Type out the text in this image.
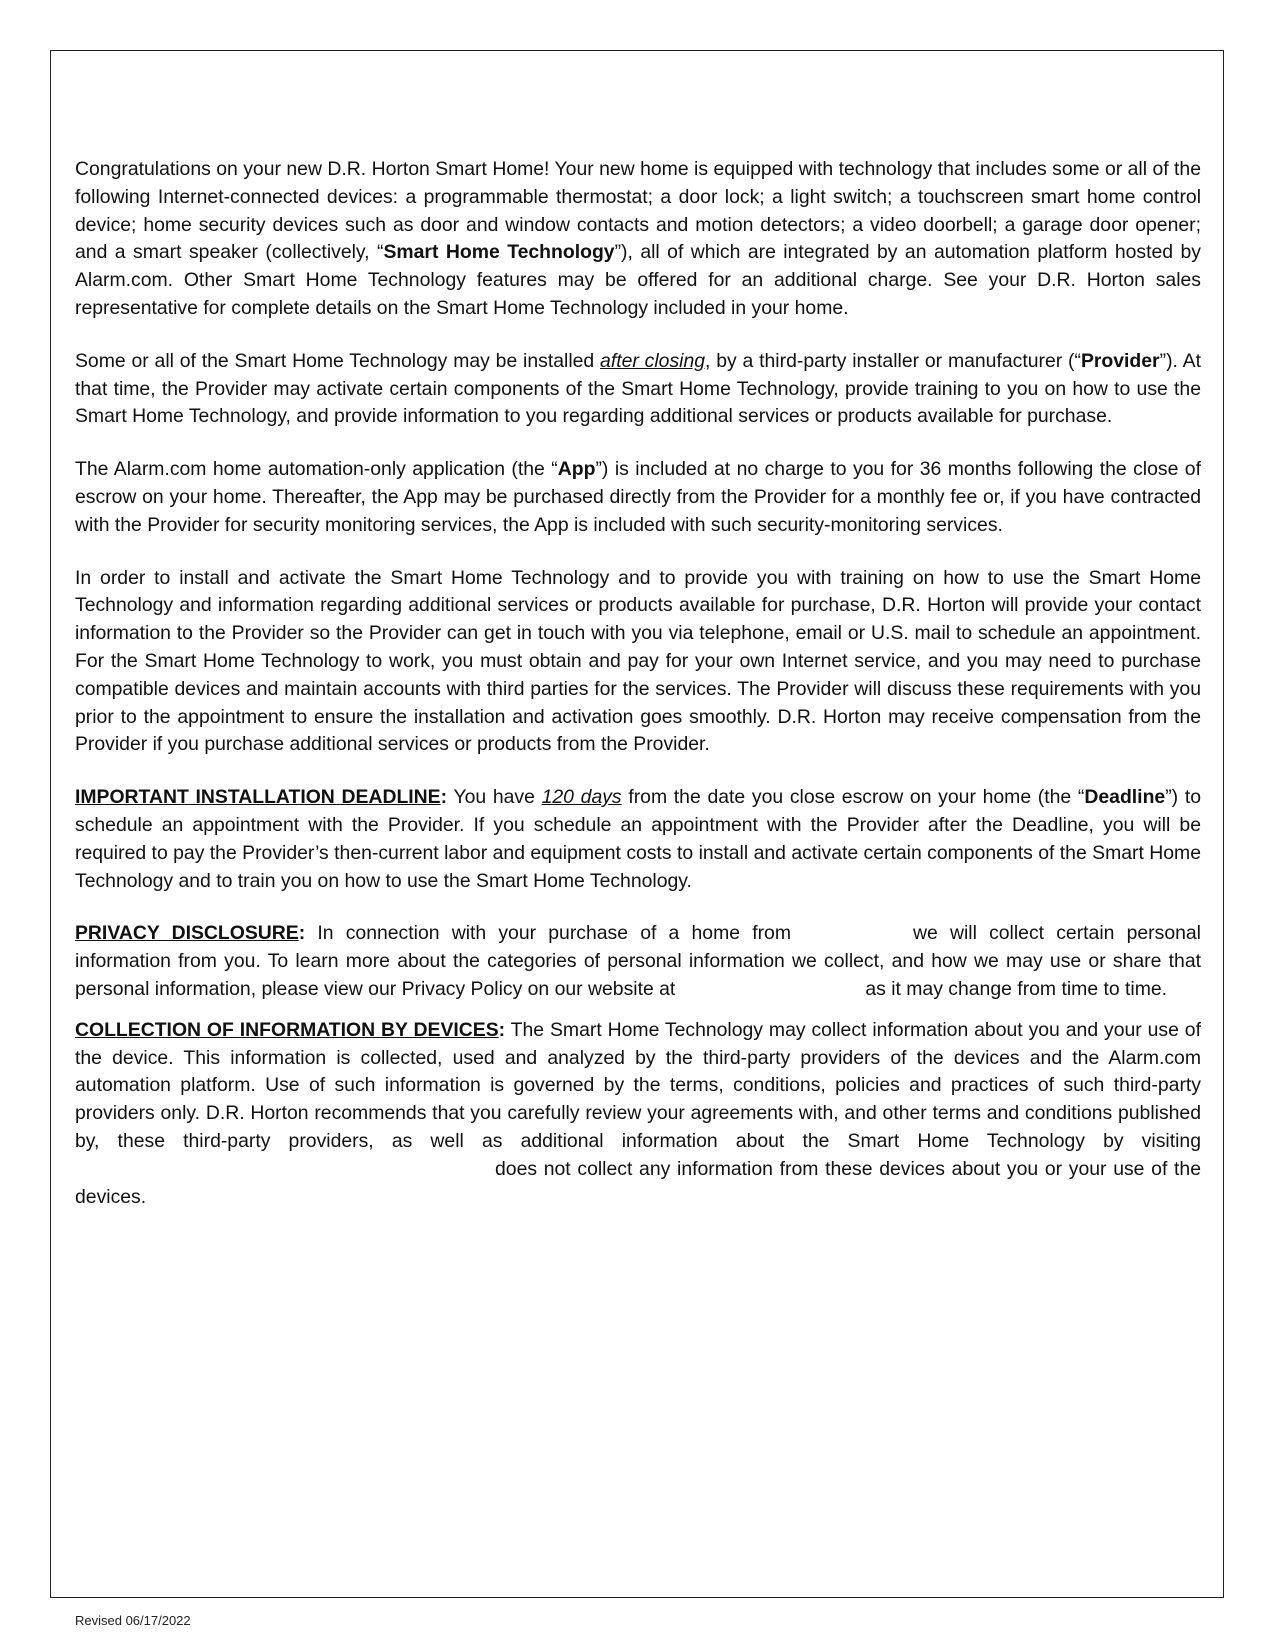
Congratulations on your new D.R. Horton Smart Home! Your new home is equipped with technology that includes some or all of the following Internet-connected devices: a programmable thermostat; a door lock; a light switch; a touchscreen smart home control device; home security devices such as door and window contacts and motion detectors; a video doorbell; a garage door opener; and a smart speaker (collectively, “Smart Home Technology”), all of which are integrated by an automation platform hosted by Alarm.com. Other Smart Home Technology features may be offered for an additional charge. See your D.R. Horton sales representative for complete details on the Smart Home Technology included in your home.

Some or all of the Smart Home Technology may be installed after closing, by a third-party installer or manufacturer (“Provider”). At that time, the Provider may activate certain components of the Smart Home Technology, provide training to you on how to use the Smart Home Technology, and provide information to you regarding additional services or products available for purchase.

The Alarm.com home automation-only application (the “App”) is included at no charge to you for 36 months following the close of escrow on your home. Thereafter, the App may be purchased directly from the Provider for a monthly fee or, if you have contracted with the Provider for security monitoring services, the App is included with such security-monitoring services.

In order to install and activate the Smart Home Technology and to provide you with training on how to use the Smart Home Technology and information regarding additional services or products available for purchase, D.R. Horton will provide your contact information to the Provider so the Provider can get in touch with you via telephone, email or U.S. mail to schedule an appointment. For the Smart Home Technology to work, you must obtain and pay for your own Internet service, and you may need to purchase compatible devices and maintain accounts with third parties for the services. The Provider will discuss these requirements with you prior to the appointment to ensure the installation and activation goes smoothly. D.R. Horton may receive compensation from the Provider if you purchase additional services or products from the Provider.

IMPORTANT INSTALLATION DEADLINE: You have 120 days from the date you close escrow on your home (the “Deadline”) to schedule an appointment with the Provider. If you schedule an appointment with the Provider after the Deadline, you will be required to pay the Provider’s then-current labor and equipment costs to install and activate certain components of the Smart Home Technology and to train you on how to use the Smart Home Technology.

PRIVACY DISCLOSURE: In connection with your purchase of a home from	we will collect certain personal information from you. To learn more about the categories of personal information we collect, and how we may use or share that personal information, please view our Privacy Policy on our website at	as it may change from time to time.

COLLECTION OF INFORMATION BY DEVICES: The Smart Home Technology may collect information about you and your use of the device. This information is collected, used and analyzed by the third-party providers of the devices and the Alarm.com automation platform. Use of such information is governed by the terms, conditions, policies and practices of such third-party providers only. D.R. Horton recommends that you carefully review your agreements with, and other terms and conditions published by, these third-party providers, as well as additional information about the Smart Home Technology by visitingdoes not collect any information from these devices about you or your use of the devices.

Revised 06/17/2022
